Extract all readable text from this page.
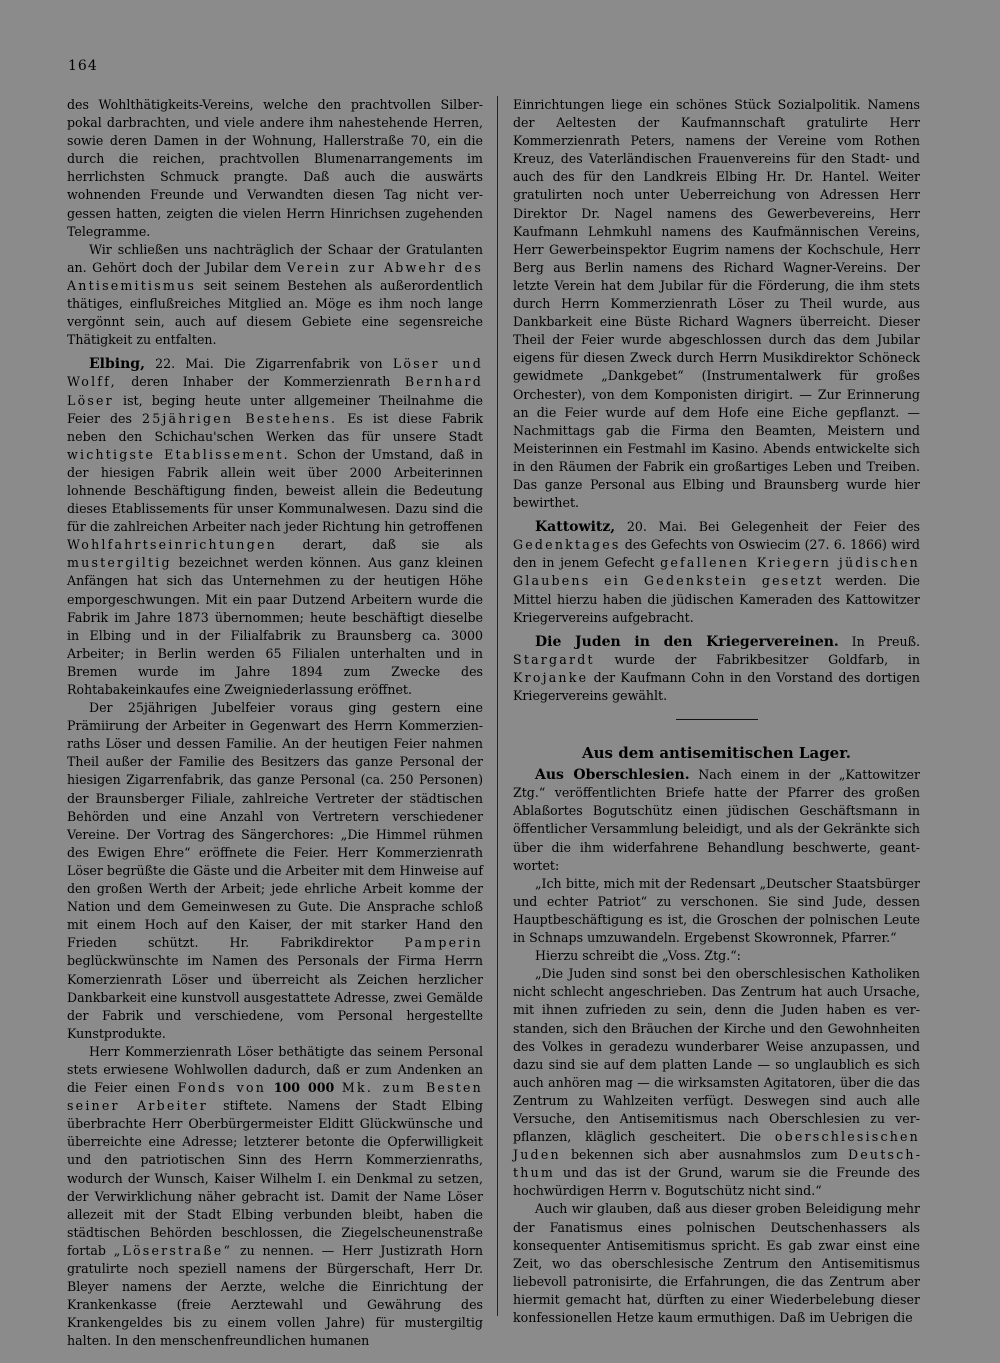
164

des Wohlthätigkeits-Vereins, welche den prachtvollen Silberpokal darbrachten, und viele andere ihm nahestehende Herren, sowie deren Damen in der Wohnung, Hallerstraße 70, ein die durch die reichen, prachtvollen Blumenarrangements im herrlichsten Schmuck prangte. Daß auch die auswärts wohnenden Freunde und Verwandten diesen Tag nicht vergessen hatten, zeigten die vielen Herrn Hinrichsen zugehenden Telegramme.

Wir schließen uns nachträglich der Schaar der Gratulanten an. Gehört doch der Jubilar dem Verein zur Abwehr des Antisemitismus seit seinem Bestehen als außerordentlich thätiges, einflußreiches Mitglied an. Möge es ihm noch lange vergönnt sein, auch auf diesem Gebiete eine segensreiche Thätigkeit zu entfalten.

Elbing, 22. Mai. Die Zigarrenfabrik von Löser und Wolff, deren Inhaber der Kommerzienrath Bernhard Löser ist, beging heute unter allgemeiner Theilnahme die Feier des 25jährigen Bestehens. Es ist diese Fabrik neben den Schichau'schen Werken das für unsere Stadt wichtigste Etablissement. Schon der Umstand, daß in der hiesigen Fabrik allein weit über 2000 Arbeiterinnen lohnende Beschäftigung finden, beweist allein die Bedeutung dieses Etablissements für unser Kommunalwesen. Dazu sind die für die zahlreichen Arbeiter nach jeder Richtung hin getroffenen Wohlfahrtseinrichtungen derart, daß sie als mustergiltig bezeichnet werden können. Aus ganz kleinen Anfängen hat sich das Unternehmen zu der heutigen Höhe emporgeschwungen. Mit ein paar Dutzend Arbeitern wurde die Fabrik im Jahre 1873 übernommen; heute beschäftigt dieselbe in Elbing und in der Filialfabrik zu Braunsberg ca. 3000 Arbeiter; in Berlin werden 65 Filialen unterhalten und in Bremen wurde im Jahre 1894 zum Zwecke des Rohtabakeinkaufes eine Zweigniederlassung eröffnet.

Der 25jährigen Jubelfeier voraus ging gestern eine Prämiirung der Arbeiter in Gegenwart des Herrn Kommerzienraths Löser und dessen Familie. An der heutigen Feier nahmen Theil außer der Familie des Besitzers das ganze Personal der hiesigen Zigarrenfabrik, das ganze Personal (ca. 250 Personen) der Braunsberger Filiale, zahlreiche Vertreter der städtischen Behörden und eine Anzahl von Vertretern verschiedener Vereine. Der Vortrag des Sängerchores: „Die Himmel rühmen des Ewigen Ehre“ eröffnete die Feier. Herr Kommerzienrath Löser begrüßte die Gäste und die Arbeiter mit dem Hinweise auf den großen Werth der Arbeit; jede ehrliche Arbeit komme der Nation und dem Gemeinwesen zu Gute. Die Ansprache schloß mit einem Hoch auf den Kaiser, der mit starker Hand den Frieden schützt. Hr. Fabrikdirektor Pamperin beglückwünschte im Namen des Personals der Firma Herrn Komerzienrath Löser und überreicht als Zeichen herzlicher Dankbarkeit eine kunstvoll ausgestattete Adresse, zwei Gemälde der Fabrik und verschiedene, vom Personal hergestellte Kunstprodukte.

Herr Kommerzienrath Löser bethätigte das seinem Personal stets erwiesene Wohlwollen dadurch, daß er zum Andenken an die Feier einen Fonds von 100 000 Mk. zum Besten seiner Arbeiter stiftete. Namens der Stadt Elbing überbrachte Herr Oberbürgermeister Elditt Glückwünsche und überreichte eine Adresse; letzterer betonte die Opferwilligkeit und den patriotischen Sinn des Herrn Kommerzienraths, wodurch der Wunsch, Kaiser Wilhelm I. ein Denkmal zu setzen, der Verwirklichung näher gebracht ist. Damit der Name Löser allezeit mit der Stadt Elbing verbunden bleibt, haben die städtischen Behörden beschlossen, die Ziegelscheunenstraße fortab „Löserstraße“ zu nennen. — Herr Justizrath Horn gratulirte noch speziell namens der Bürgerschaft, Herr Dr. Bleyer namens der Aerzte, welche die Einrichtung der Krankenkasse (freie Aerztewahl und Gewährung des Krankengeldes bis zu einem vollen Jahre) für mustergiltig halten. In den menschenfreundlichen humanen

Einrichtungen liege ein schönes Stück Sozialpolitik. Namens der Aeltesten der Kaufmannschaft gratulirte Herr Kommerzienrath Peters, namens der Vereine vom Rothen Kreuz, des Vaterländischen Frauenvereins für den Stadt- und auch des für den Landkreis Elbing Hr. Dr. Hantel. Weiter gratulirten noch unter Ueberreichung von Adressen Herr Direktor Dr. Nagel namens des Gewerbevereins, Herr Kaufmann Lehmkuhl namens des Kaufmännischen Vereins, Herr Gewerbeinspektor Eugrim namens der Kochschule, Herr Berg aus Berlin namens des Richard Wagner-Vereins. Der letzte Verein hat dem Jubilar für die Förderung, die ihm stets durch Herrn Kommerzienrath Löser zu Theil wurde, aus Dankbarkeit eine Büste Richard Wagners überreicht. Dieser Theil der Feier wurde abgeschlossen durch das dem Jubilar eigens für diesen Zweck durch Herrn Musikdirektor Schöneck gewidmete „Dankgebet“ (Instrumentalwerk für großes Orchester), von dem Komponisten dirigirt. — Zur Erinnerung an die Feier wurde auf dem Hofe eine Eiche gepflanzt. — Nachmittags gab die Firma den Beamten, Meistern und Meisterinnen ein Festmahl im Kasino. Abends entwickelte sich in den Räumen der Fabrik ein großartiges Leben und Treiben. Das ganze Personal aus Elbing und Braunsberg wurde hier bewirthet.

Kattowitz, 20. Mai. Bei Gelegenheit der Feier des Gedenktages des Gefechts von Oswiecim (27. 6. 1866) wird den in jenem Gefecht gefallenen Kriegern jüdischen Glaubens ein Gedenkstein gesetzt werden. Die Mittel hierzu haben die jüdischen Kameraden des Kattowitzer Kriegervereins aufgebracht.

Die Juden in den Kriegervereinen. In Preuß. Stargardt wurde der Fabrikbesitzer Goldfarb, in Krojanke der Kaufmann Cohn in den Vorstand des dortigen Kriegervereins gewählt.

Aus dem antisemitischen Lager.

Aus Oberschlesien. Nach einem in der „Kattowitzer Ztg.“ veröffentlichten Briefe hatte der Pfarrer des großen Ablaßortes Bogutschütz einen jüdischen Geschäftsmann in öffentlicher Versammlung beleidigt, und als der Gekränkte sich über die ihm widerfahrene Behandlung beschwerte, geantwortet:

„Ich bitte, mich mit der Redensart „Deutscher Staatsbürger und echter Patriot“ zu verschonen. Sie sind Jude, dessen Hauptbeschäftigung es ist, die Groschen der polnischen Leute in Schnaps umzuwandeln. Ergebenst Skowronnek, Pfarrer.“

Hierzu schreibt die „Voss. Ztg.“:

„Die Juden sind sonst bei den oberschlesischen Katholiken nicht schlecht angeschrieben. Das Zentrum hat auch Ursache, mit ihnen zufrieden zu sein, denn die Juden haben es verstanden, sich den Bräuchen der Kirche und den Gewohnheiten des Volkes in geradezu wunderbarer Weise anzupassen, und dazu sind sie auf dem platten Lande — so unglaublich es sich auch anhören mag — die wirksamsten Agitatoren, über die das Zentrum zu Wahlzeiten verfügt. Deswegen sind auch alle Versuche, den Antisemitismus nach Oberschlesien zu verpflanzen, kläglich gescheitert. Die oberschlesischen Juden bekennen sich aber ausnahmslos zum Deutschthum und das ist der Grund, warum sie die Freunde des hochwürdigen Herrn v. Bogutschütz nicht sind.“

Auch wir glauben, daß aus dieser groben Beleidigung mehr der Fanatismus eines polnischen Deutschenhassers als konsequenter Antisemitismus spricht. Es gab zwar einst eine Zeit, wo das oberschlesische Zentrum den Antisemitismus liebevoll patronisirte, die Erfahrungen, die das Zentrum aber hiermit gemacht hat, dürften zu einer Wiederbelebung dieser konfessionellen Hetze kaum ermuthigen. Daß im Uebrigen die
